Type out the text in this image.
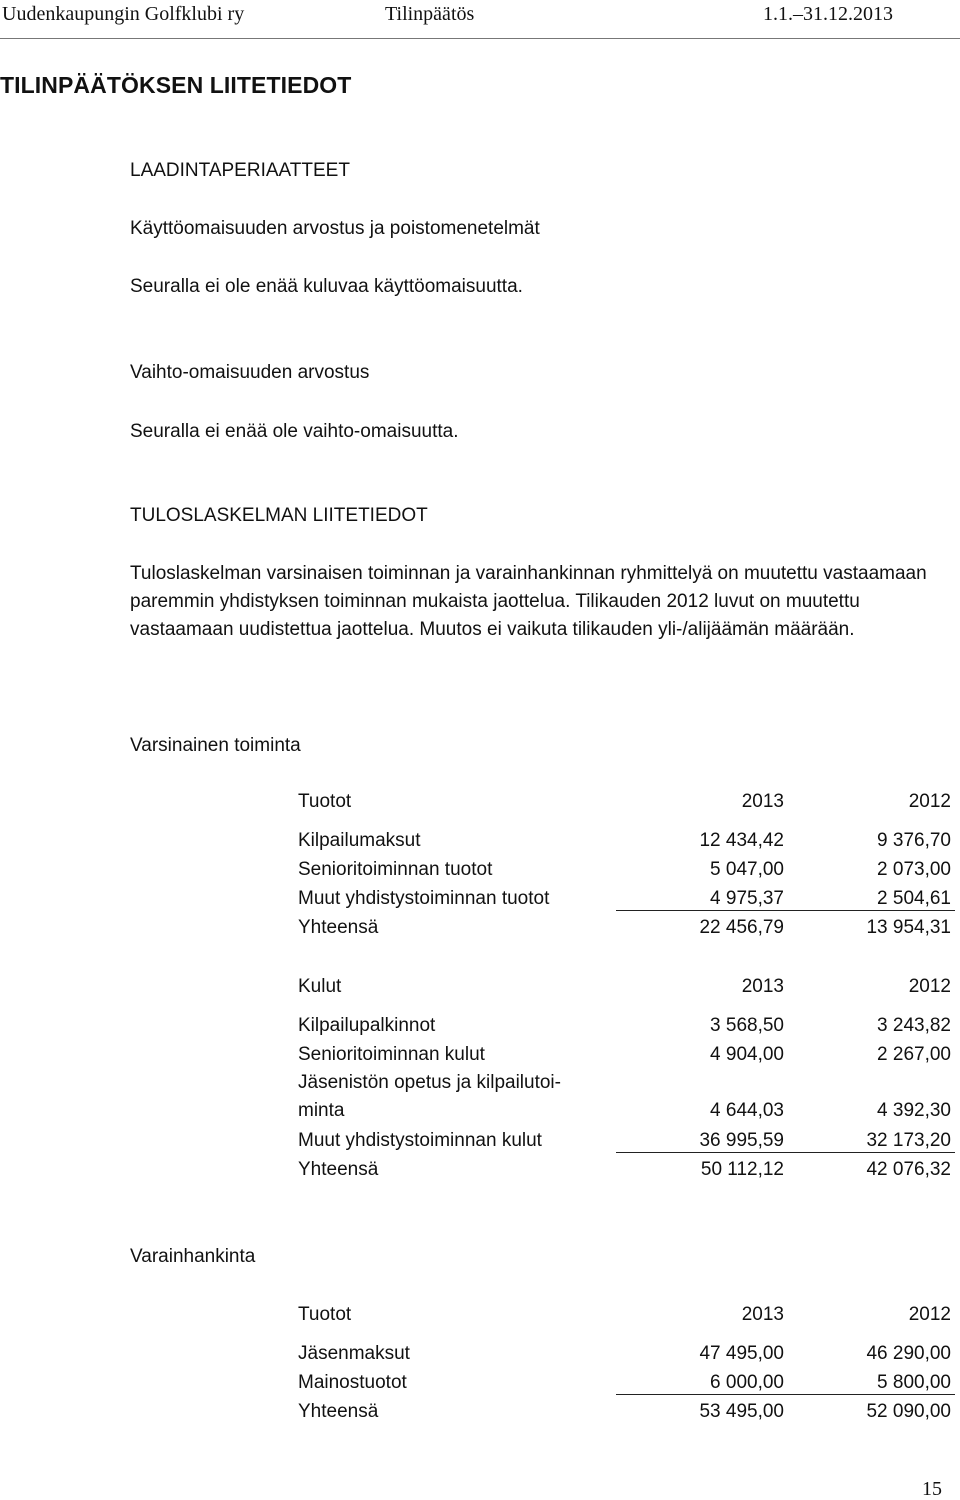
Uudenkaupungin Golfklubi ry	Tilinpäätös	1.1.–31.12.2013
TILINPÄÄTÖKSEN LIITETIEDOT
LAADINTAPERIAATTEET
Käyttöomaisuuden arvostus ja poistomenetelmät

Seuralla ei ole enää kuluvaa käyttöomaisuutta.

Vaihto-omaisuuden arvostus

Seuralla ei enää ole vaihto-omaisuutta.

TULOSLASKELMAN LIITETIEDOT

Tuloslaskelman varsinaisen toiminnan ja varainhankinnan ryhmittelyä on muutettu vastaamaan paremmin yhdistyksen toiminnan mukaista jaottelua. Tilikauden 2012 luvut on muutettu vastaamaan uudistettua jaottelua. Muutos ei vaikuta tilikauden yli-/alijäämän määrään.

Varsinainen toiminta
Tuotot	2013	2012
Kilpailumaksut	12 434,42	9 376,70
Senioritoiminnan tuotot	5 047,00	2 073,00
Muut yhdistystoiminnan tuotot	4 975,37	2 504,61
Yhteensä	22 456,79	13 954,31
Kulut	2013	2012
Kilpailupalkinnot	3 568,50	3 243,82
Senioritoiminnan kulut	4 904,00	2 267,00
Jäsenistön opetus ja kilpailutoi- minta	4 644,03	4 392,30
Muut yhdistystoiminnan kulut	36 995,59	32 173,20
Yhteensä	50 112,12	42 076,32
Varainhankinta
Tuotot	2013	2012
Jäsenmaksut	47 495,00	46 290,00
Mainostuotot	6 000,00	5 800,00
Yhteensä	53 495,00	52 090,00
15
